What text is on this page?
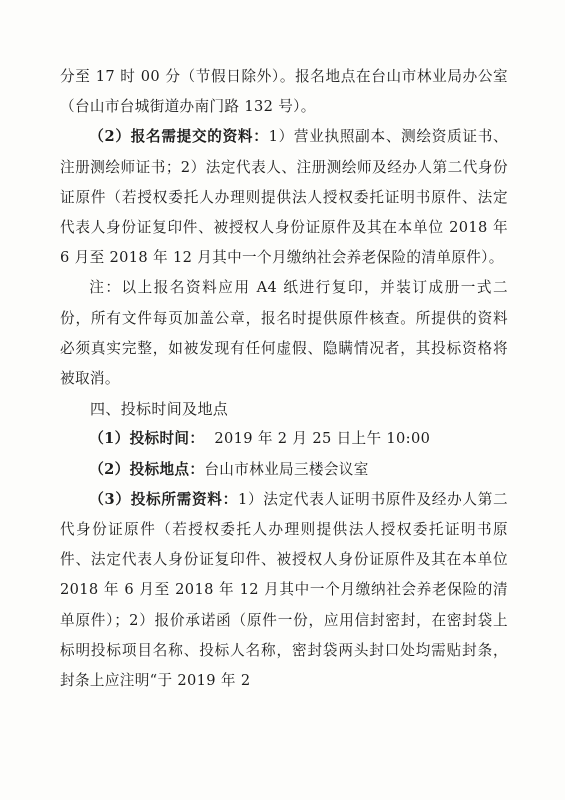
分至 17 时 00 分（节假日除外）。报名地点在台山市林业局办公室（台山市台城街道办南门路 132 号）。

（2）报名需提交的资料：1）营业执照副本、测绘资质证书、注册测绘师证书；2）法定代表人、注册测绘师及经办人第二代身份证原件（若授权委托人办理则提供法人授权委托证明书原件、法定代表人身份证复印件、被授权人身份证原件及其在本单位 2018 年 6 月至 2018 年 12 月其中一个月缴纳社会养老保险的清单原件）。

注：以上报名资料应用 A4 纸进行复印，并装订成册一式二份，所有文件每页加盖公章，报名时提供原件核查。所提供的资料必须真实完整，如被发现有任何虚假、隐瞒情况者，其投标资格将被取消。

四、投标时间及地点

（1）投标时间： 2019 年 2 月 25 日上午 10:00

（2）投标地点：台山市林业局三楼会议室

（3）投标所需资料：1）法定代表人证明书原件及经办人第二代身份证原件（若授权委托人办理则提供法人授权委托证明书原件、法定代表人身份证复印件、被授权人身份证原件及其在本单位 2018 年 6 月至 2018 年 12 月其中一个月缴纳社会养老保险的清单原件）；2）报价承诺函（原件一份，应用信封密封，在密封袋上标明投标项目名称、投标人名称，密封袋两头封口处均需贴封条，封条上应注明“于 2019 年 2
